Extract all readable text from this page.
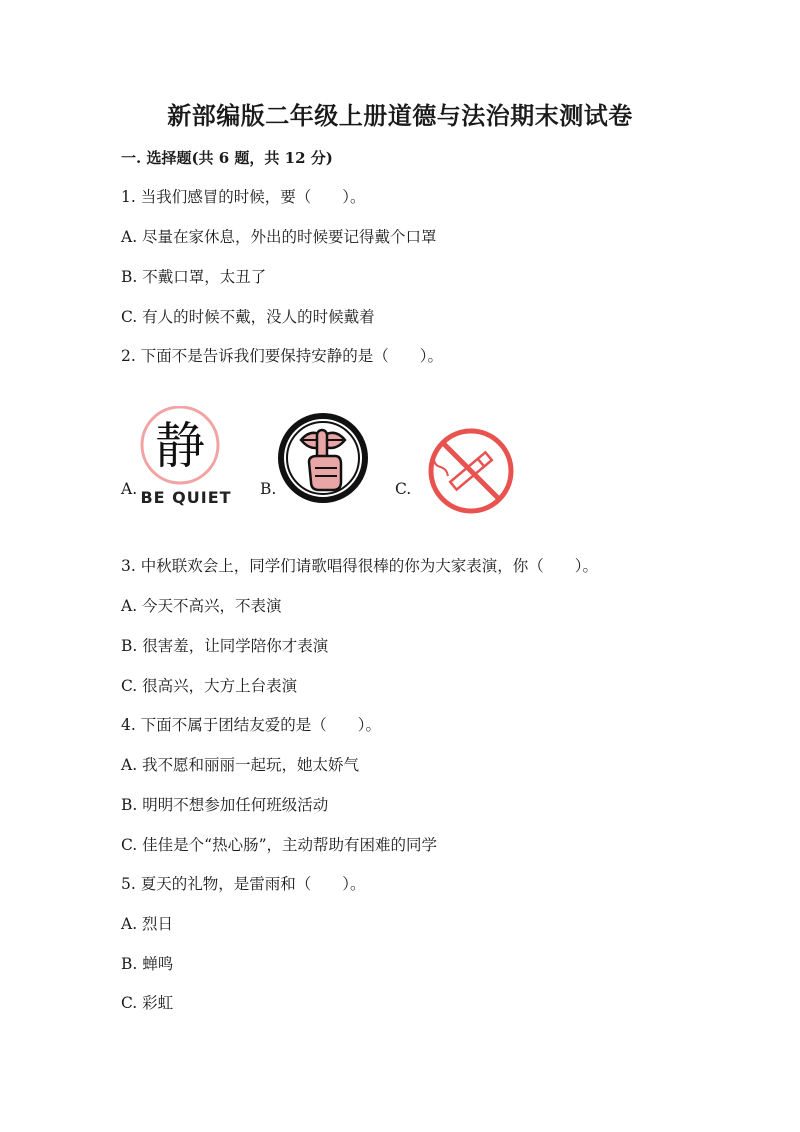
新部编版二年级上册道德与法治期末测试卷
一. 选择题(共 6 题，共 12 分)
1. 当我们感冒的时候，要（　　）。
A. 尽量在家休息，外出的时候要记得戴个口罩
B. 不戴口罩，太丑了
C. 有人的时候不戴，没人的时候戴着
2. 下面不是告诉我们要保持安静的是（　　）。
A.
静
BE QUIET B.	C.
3. 中秋联欢会上，同学们请歌唱得很棒的你为大家表演，你（　　）。
A. 今天不高兴，不表演
B. 很害羞，让同学陪你才表演
C. 很高兴，大方上台表演
4. 下面不属于团结友爱的是（　　）。
A. 我不愿和丽丽一起玩，她太娇气
B. 明明不想参加任何班级活动
C. 佳佳是个“热心肠”，主动帮助有困难的同学
5. 夏天的礼物，是雷雨和（　　）。
A. 烈日
B. 蝉鸣
C. 彩虹
